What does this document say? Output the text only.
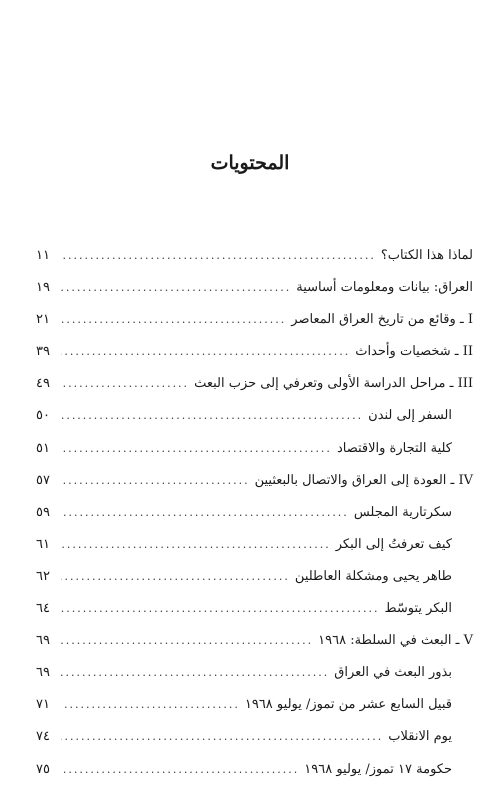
المحتويات
لماذا هذا الكتاب؟
.....
١١
العراق: بيانات ومعلومات أساسية
.....
١٩
I ـ وقائع من تاريخ العراق المعاصر
.....
٢١
II ـ شخصيات وأحداث
.....
٣٩
III ـ مراحل الدراسة الأولى وتعرفي إلى حزب البعث
.....
٤٩
السفر إلى لندن
.....
٥٠
كلية التجارة والاقتصاد
.....
٥١
IV ـ العودة إلى العراق والاتصال بالبعثيين
.....
٥٧
سكرتارية المجلس
.....
٥٩
كيف تعرفتُ إلى البكر
.....
٦١
طاهر يحيى ومشكلة العاطلين
.....
٦٢
البكر يتوسّط
.....
٦٤
V ـ البعث في السلطة: ١٩٦٨
.....
٦٩
بذور البعث في العراق
.....
٦٩
قبيل السابع عشر من تموز/ يوليو ١٩٦٨
.....
٧١
يوم الانقلاب
.....
٧٤
حكومة ١٧ تموز/ يوليو ١٩٦٨
.....
٧٥
